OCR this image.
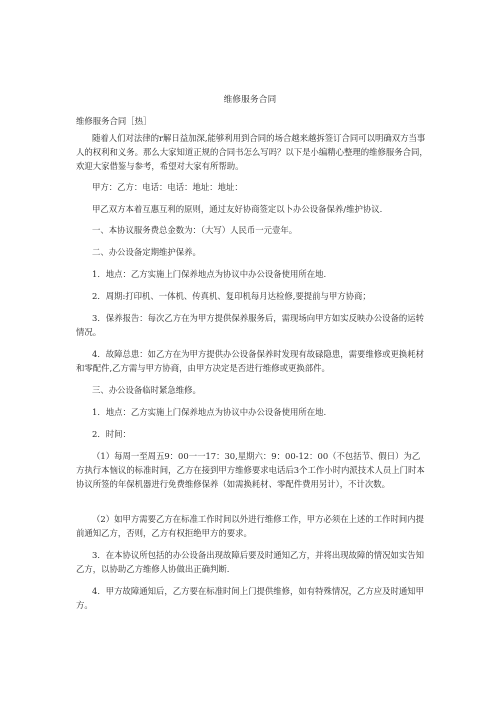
维修服务合同

维修服务合同［热］

随着人们对法律的r解日益加深,能够利用到合同的场合越来越拆签订合同可以明确双方当事人的权利和义务。那么大家知道正规的合同书怎么写吗？以下是小编精心整理的维修服务合同，欢迎大家借鉴与参考，希望对大家有所帮助。

甲方：乙方：电话：电话：地址：地址：

甲乙双方本着互惠互利的原则，通过友好协商签定以卜办公设备保养/维护协议.

一、本协议服务费总金数为：（大写）人民币一元壹年。

二、办公设备定期维护保养。

1．地点：乙方实施上门保养地点为协议中办公设备使用所在地.

2．周期:打印机、一体机、传真机、复印机每月达检修,要提前与甲方协商；

3．保养报告：每次乙方在为甲方提供保养服务后，需现场向甲方如实反映办公设备的运转情况。

4．故障总患：如乙方在为甲方提供办公设备保养时发现有故碌隐患，需要维修或更换耗材和零配件,乙方需与甲方协商，由甲方决定是否进行维修或更换部件。

三、办公设备临时紧急维修。

1．地点：乙方实施上门保养地点为协议中办公设备使用所在地.

2．时间：

（1）每周一至周五9：00一一17：30,星期六：9：00-12：00（不包括节、假日）为乙方执行本恼议的标准时间，乙方在接到甲方维修要求电话后3个工作小时内派技术人员上门时本协议所签的年保机器进行免费维修保养（如需换耗材、零配件费用另计），不计次数。

（2）如甲方需要乙方在标准工作时间以外进行维修工作，甲方必须在上述的工作时间内提前通知乙方，否则，乙方有权拒绝甲方的要求。

3．在本协议所包括的办公设备出现故障后要及时通知乙方，并将出现故障的情况如实告知乙方，以协助乙方维修人协做出正确判断.

4．甲方故障通知后，乙方要在标准时间上门提供维修，如有特殊情况，乙方应及时通知甲方。
